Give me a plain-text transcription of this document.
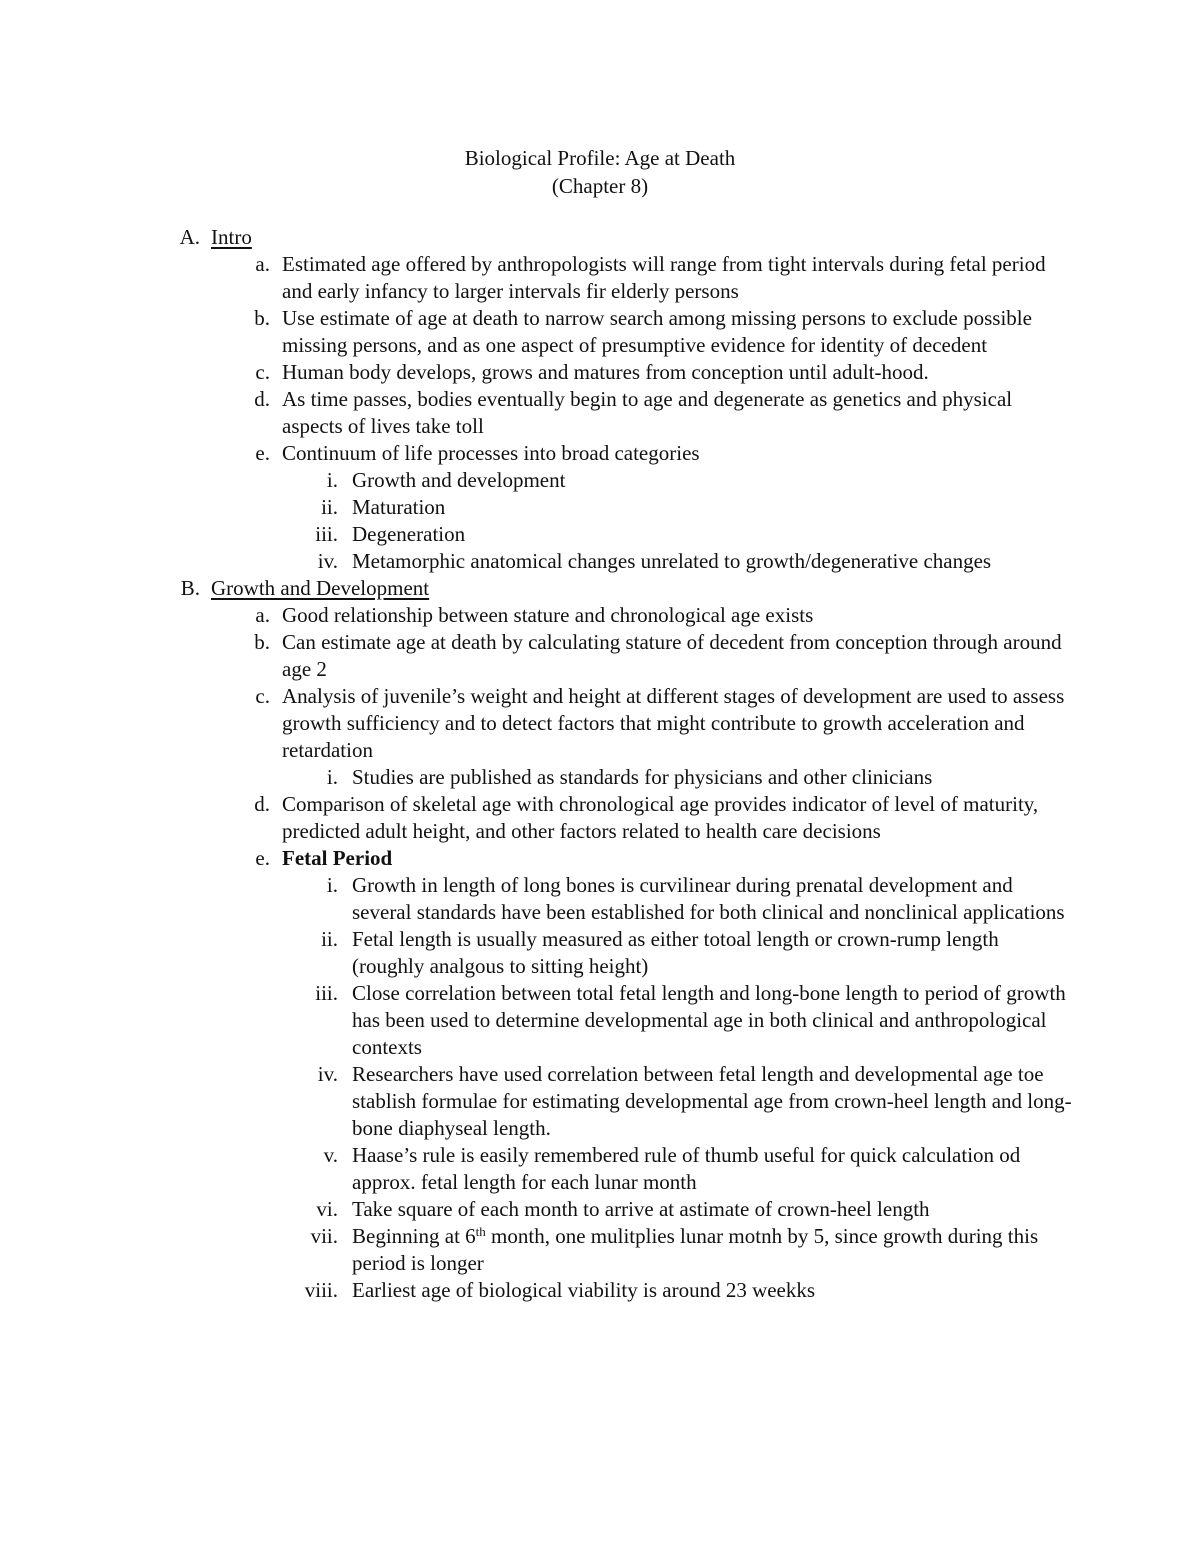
Biological Profile: Age at Death
(Chapter 8)
A. Intro
a. Estimated age offered by anthropologists will range from tight intervals during fetal period and early infancy to larger intervals fir elderly persons
b. Use estimate of age at death to narrow search among missing persons to exclude possible missing persons, and as one aspect of presumptive evidence for identity of decedent
c. Human body develops, grows and matures from conception until adult-hood.
d. As time passes, bodies eventually begin to age and degenerate as genetics and physical aspects of lives take toll
e. Continuum of life processes into broad categories
i. Growth and development
ii. Maturation
iii. Degeneration
iv. Metamorphic anatomical changes unrelated to growth/degenerative changes
B. Growth and Development
a. Good relationship between stature and chronological age exists
b. Can estimate age at death by calculating stature of decedent from conception through around age 2
c. Analysis of juvenile’s weight and height at different stages of development are used to assess growth sufficiency and to detect factors that might contribute to growth acceleration and retardation
i. Studies are published as standards for physicians and other clinicians
d. Comparison of skeletal age with chronological age provides indicator of level of maturity, predicted adult height, and other factors related to health care decisions
e. Fetal Period
i. Growth in length of long bones is curvilinear during prenatal development and several standards have been established for both clinical and nonclinical applications
ii. Fetal length is usually measured as either totoal length or crown-rump length (roughly analgous to sitting height)
iii. Close correlation between total fetal length and long-bone length to period of growth has been used to determine developmental age in both clinical and anthropological contexts
iv. Researchers have used correlation between fetal length and developmental age toe stablish formulae for estimating developmental age from crown-heel length and long-bone diaphyseal length.
v. Haase’s rule is easily remembered rule of thumb useful for quick calculation od approx. fetal length for each lunar month
vi. Take square of each month to arrive at astimate of crown-heel length
vii. Beginning at 6th month, one mulitplies lunar motnh by 5, since growth during this period is longer
viii. Earliest age of biological viability is around 23 weekks
